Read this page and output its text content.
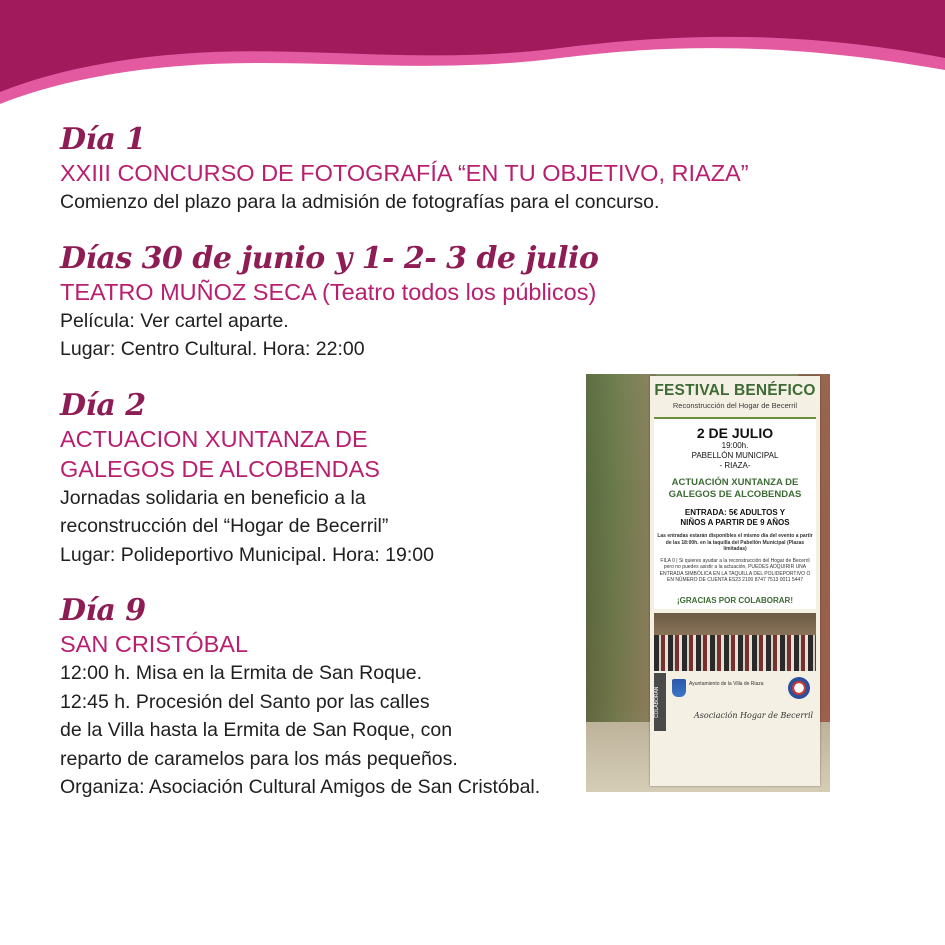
Día 1
XXIII CONCURSO DE FOTOGRAFÍA “EN TU OBJETIVO, RIAZA”
Comienzo del plazo para la admisión de fotografías para el concurso.
Días 30 de junio y 1- 2- 3 de julio
TEATRO MUÑOZ SECA (Teatro todos los públicos)
Película: Ver cartel aparte.
Lugar: Centro Cultural. Hora: 22:00
Día 2
ACTUACION XUNTANZA DE
GALEGOS DE ALCOBENDAS
Jornadas solidaria en beneficio a la
reconstrucción del “Hogar de Becerril”
Lugar: Polideportivo Municipal. Hora: 19:00
Día 9
SAN CRISTÓBAL
12:00 h. Misa en la Ermita de San Roque.
12:45 h. Procesión del Santo por las calles
de la Villa hasta la Ermita de San Roque, con
reparto de caramelos para los más pequeños.
Organiza: Asociación Cultural Amigos de San Cristóbal.
FESTIVAL BENÉFICO
Reconstrucción del Hogar de Becerril
2 DE JULIO
19:00h.
PABELLÓN MUNICIPAL
- RIAZA-
ACTUACIÓN XUNTANZA DE
GALEGOS DE ALCOBENDAS
ENTRADA: 5€ ADULTOS Y
NIÑOS A PARTIR DE 9 AÑOS
Las entradas estarán disponibles el mismo día del evento a partir de las 18:00h. en la taquilla del Pabellón Municipal (Plazas limitadas)
FILA 0 | Si quieres ayudar a la reconstrucción del Hogar de Becerril pero no puedes asistir a la actuación, PUEDES ADQUIRIR UNA ENTRADA SIMBÓLICA EN LA TAQUILLA DEL POLIDEPORTIVO O EN NÚMERO DE CUENTA ES23 2100 8747 7513 0011 5447
¡GRACIAS POR COLABORAR!
COLABORAN
Ayuntamiento de la Villa de Riaza
Asociación Hogar de Becerril
